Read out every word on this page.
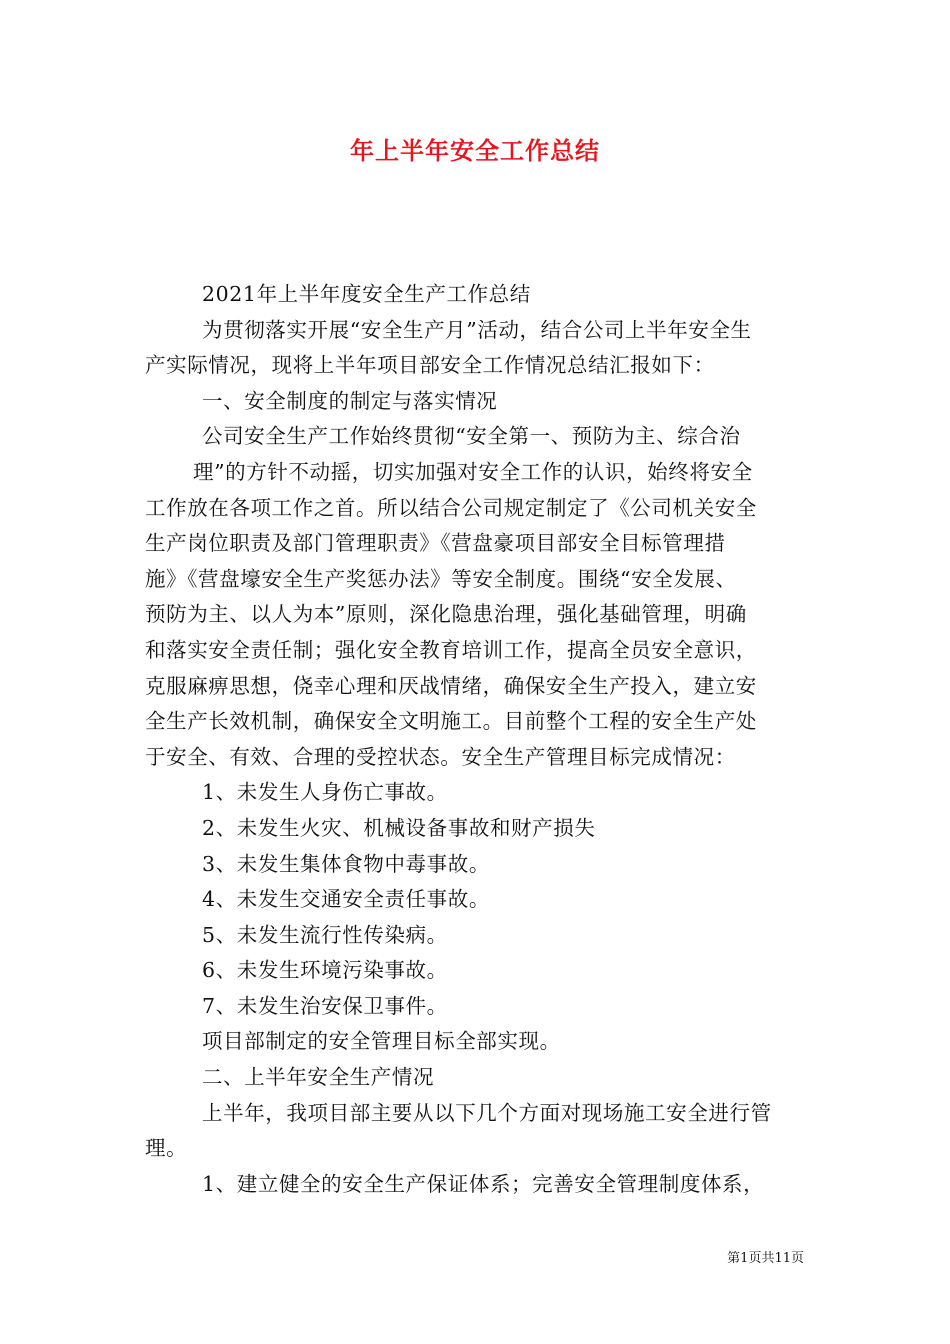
年上半年安全工作总结

2021年上半年度安全生产工作总结

为贯彻落实开展“安全生产月”活动，结合公司上半年安全生

产实际情况，现将上半年项目部安全工作情况总结汇报如下：

一、安全制度的制定与落实情况

公司安全生产工作始终贯彻“安全第一、预防为主、综合治

理”的方针不动摇，切实加强对安全工作的认识，始终将安全

工作放在各项工作之首。所以结合公司规定制定了《公司机关安全

生产岗位职责及部门管理职责》《营盘豪项目部安全目标管理措

施》《营盘壕安全生产奖惩办法》等安全制度。围绕“安全发展、

预防为主、以人为本”原则，深化隐患治理，强化基础管理，明确

和落实安全责任制；强化安全教育培训工作，提高全员安全意识，

克服麻痹思想，侥幸心理和厌战情绪，确保安全生产投入，建立安

全生产长效机制，确保安全文明施工。目前整个工程的安全生产处

于安全、有效、合理的受控状态。安全生产管理目标完成情况：

1、未发生人身伤亡事故。

2、未发生火灾、机械设备事故和财产损失

3、未发生集体食物中毒事故。

4、未发生交通安全责任事故。

5、未发生流行性传染病。

6、未发生环境污染事故。

7、未发生治安保卫事件。

项目部制定的安全管理目标全部实现。

二、上半年安全生产情况

上半年，我项目部主要从以下几个方面对现场施工安全进行管

理。

1、建立健全的安全生产保证体系；完善安全管理制度体系，

第1页共11页
